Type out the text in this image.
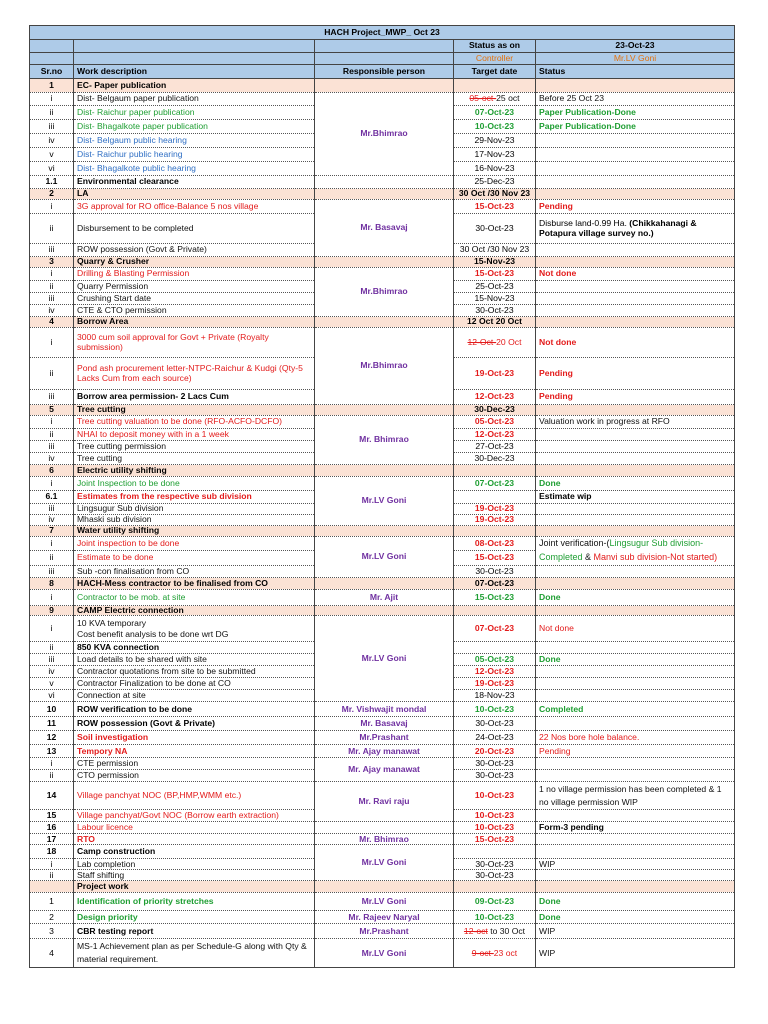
HACH Project_MWP_ Oct 23				
			Status as on	23-Oct-23
			Controller	Mr.LV Goni
Sr.no	Work description	Responsible person	Target date	Status
1	EC- Paper publication			
i	Dist- Belgaum paper publication	Mr.Bhimrao	05-oct-25 oct	Before 25 Oct 23
ii	Dist- Raichur paper publication		07-Oct-23	Paper Publication-Done
iii	Dist- Bhagalkote paper publication		10-Oct-23	Paper Publication-Done
iv	Dist- Belgaum public hearing		29-Nov-23	
v	Dist- Raichur public hearing		17-Nov-23	
vi	Dist- Bhagalkote public hearing		16-Nov-23	
1.1	Environmental clearance		25-Dec-23	
2	LA		30 Oct /30 Nov 23	
i	3G approval for RO office-Balance 5 nos village	Mr. Basavaj	15-Oct-23	Pending
ii	Disbursement to be completed		30-Oct-23	Disburse land-0.99 Ha. (Chikkahanagi & Potapura village survey no.)
iii	ROW possession (Govt & Private)		30 Oct /30 Nov 23	
3	Quarry & Crusher		15-Nov-23	
i	Drilling & Blasting Permission	Mr.Bhimrao	15-Oct-23	Not done
ii	Quarry Permission		25-Oct-23	
iii	Crushing Start date		15-Nov-23	
iv	CTE & CTO permission		30-Oct-23	
4	Borrow Area		12 Oct 20 Oct	
i	3000 cum soil approval for Govt + Private (Royalty submission)	Mr.Bhimrao	12-Oct-20 Oct	Not done
ii	Pond ash procurement letter-NTPC-Raichur & Kudgi (Qty-5 Lacks Cum from each source)		19-Oct-23	Pending
iii	Borrow area permission- 2 Lacs Cum		12-Oct-23	Pending
5	Tree cutting		30-Dec-23	
i	Tree cutting valuation to be done (RFO-ACFO-DCFO)	Mr. Bhimrao	05-Oct-23	Valuation work in progress at RFO
ii	NHAI to deposit money with in a 1 week		12-Oct-23	
iii	Tree cutting permission		27-Oct-23	
iv	Tree cutting		30-Dec-23	
6	Electric utility shifting			
i	Joint Inspection to be done	Mr.LV Goni	07-Oct-23	Done
6.1	Estimates from the respective sub division			Estimate wip
iii	Lingsugur Sub division		19-Oct-23	
iv	Mhaski sub division		19-Oct-23	
7	Water utility shifting			
i	Joint inspection to be done	Mr.LV Goni	08-Oct-23	Joint verification-(Lingsugur Sub division-Completed & Manvi sub division-Not started)
ii	Estimate to be done		15-Oct-23	
iii	Sub -con finalisation from CO		30-Oct-23	
8	HACH-Mess contractor to be finalised from CO		07-Oct-23	
i	Contractor to be mob. at site	Mr. Ajit	15-Oct-23	Done
9	CAMP Electric connection			
i	10 KVA temporary
Cost benefit analysis to be done wrt DG	Mr.LV Goni	07-Oct-23	Not done
ii	850 KVA connection			
iii	Load details to be shared with site		05-Oct-23	Done
iv	Contractor quotations from site to be submitted		12-Oct-23	
v	Contractor Finalization to be done at CO		19-Oct-23	
vi	Connection at site		18-Nov-23	
10	ROW verification to be done	Mr. Vishwajit mondal	10-Oct-23	Completed
11	ROW possession (Govt & Private)	Mr. Basavaj	30-Oct-23	
12	Soil investigation	Mr.Prashant	24-Oct-23	22 Nos bore hole balance.
13	Tempory NA	Mr. Ajay manawat	20-Oct-23	Pending
i	CTE permission	Mr. Ajay manawat	30-Oct-23	
ii	CTO permission		30-Oct-23	
14	Village panchyat NOC (BP,HMP,WMM etc.)	Mr. Ravi raju	10-Oct-23	1 no village permission has been completed & 1 no village permission WIP
15	Village panchyat/Govt NOC (Borrow earth extraction)		10-Oct-23	
16	Labour licence		10-Oct-23	Form-3 pending
17	RTO	Mr. Bhimrao	15-Oct-23	
18	Camp construction	Mr.LV Goni		
i	Lab completion		30-Oct-23	WIP
ii	Staff shifting		30-Oct-23	
	Project work			
1	Identification of priority stretches	Mr.LV Goni	09-Oct-23	Done
2	Design priority	Mr. Rajeev Naryal	10-Oct-23	Done
3	CBR testing report	Mr.Prashant	12-oct to 30 Oct	WIP
4	MS-1 Achievement plan as per Schedule-G along with Qty & material requirement.	Mr.LV Goni	9-oct-23 oct	WIP
